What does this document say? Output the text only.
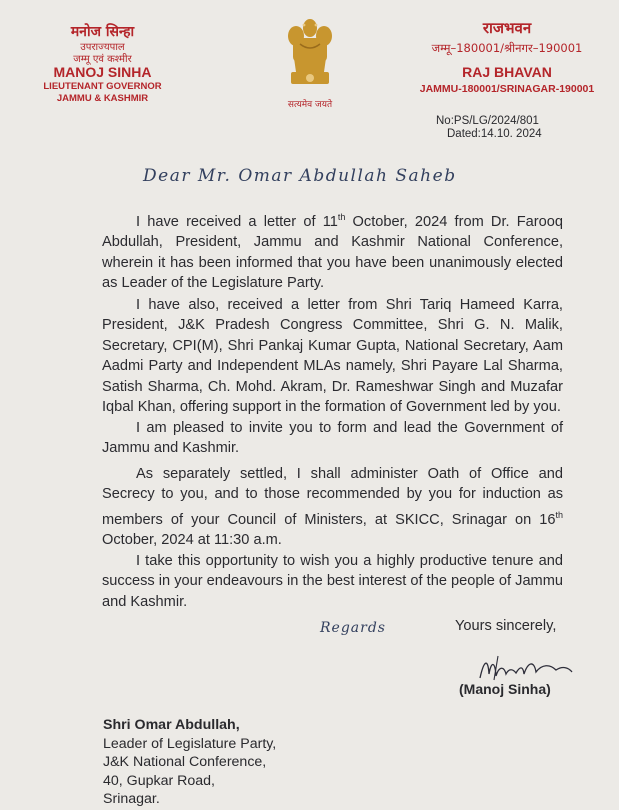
मनोज सिन्हा
उपराज्यपाल
जम्मू एवं कश्मीर
MANOJ SINHA
LIEUTENANT GOVERNOR
JAMMU & KASHMIR
सत्यमेव जयते
राजभवन
जम्मू–180001/श्रीनगर–190001
RAJ BHAVAN
JAMMU-180001/SRINAGAR-190001
No:PS/LG/2024/801
Dated:14.10. 2024
Dear Mr. Omar Abdullah Saheb
I have received a letter of 11th October, 2024 from Dr. Farooq Abdullah, President, Jammu and Kashmir National Conference, wherein it has been informed that you have been unanimously elected as Leader of the Legislature Party.
I have also, received a letter from Shri Tariq Hameed Karra, President, J&K Pradesh Congress Committee, Shri G. N. Malik, Secretary, CPI(M), Shri Pankaj Kumar Gupta, National Secretary, Aam Aadmi Party and Independent MLAs namely, Shri Payare Lal Sharma, Satish Sharma, Ch. Mohd. Akram, Dr. Rameshwar Singh and Muzafar Iqbal Khan, offering support in the formation of Government led by you.
I am pleased to invite you to form and lead the Government of Jammu and Kashmir.
As separately settled, I shall administer Oath of Office and Secrecy to you, and to those recommended by you for induction as members of your Council of Ministers, at SKICC, Srinagar on 16th October, 2024 at 11:30 a.m.
I take this opportunity to wish you a highly productive tenure and success in your endeavours in the best interest of the people of Jammu and Kashmir.
Regards	Yours sincerely,
(Manoj Sinha)
Shri Omar Abdullah,
Leader of Legislature Party,
J&K National Conference,
40, Gupkar Road,
Srinagar.
